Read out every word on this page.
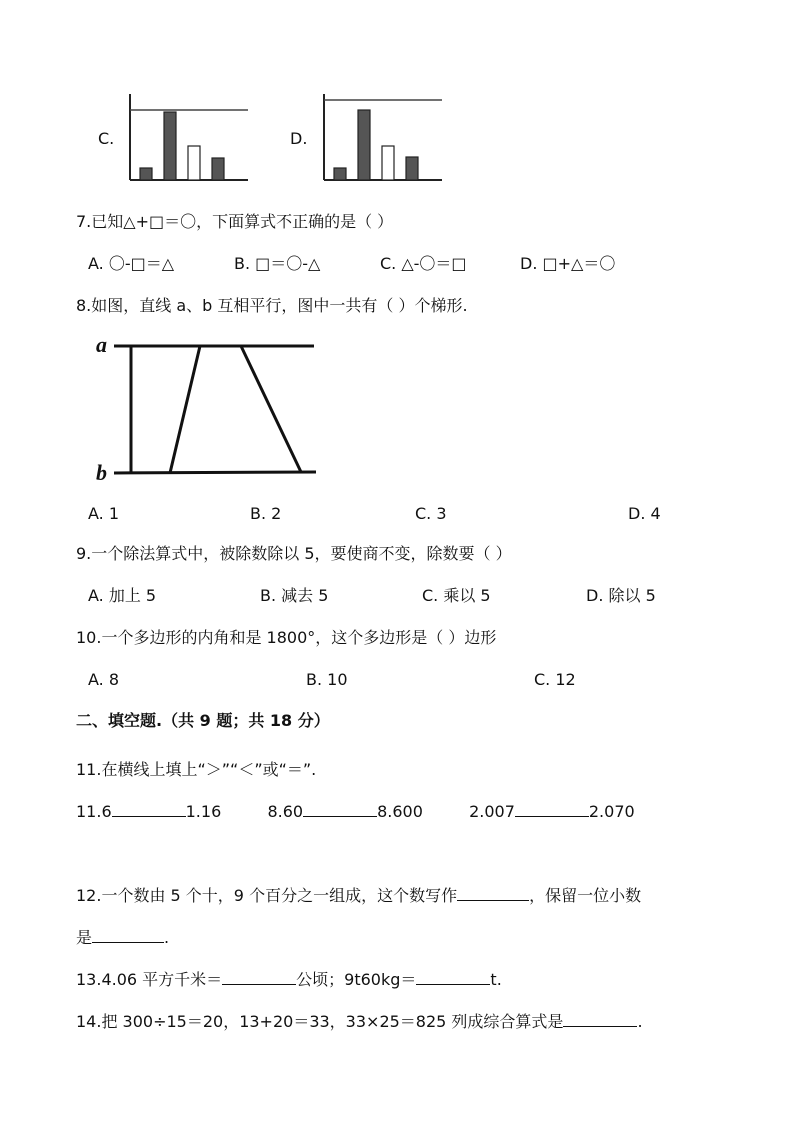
C.	D.
7.已知△+□＝〇，下面算式不正确的是（ ）
A. 〇-□＝△	B. □＝〇-△	C. △-〇＝□	D. □+△＝〇
8.如图，直线 a、b 互相平行，图中一共有（ ）个梯形.
a
b
A. 1	B. 2	C. 3	D. 4
9.一个除法算式中，被除数除以 5，要使商不变，除数要（ ）
A. 加上 5	B. 减去 5	C. 乘以 5	D. 除以 5
10.一个多边形的内角和是 1800°，这个多边形是（ ）边形
A. 8	B. 10	C. 12
二、填空题.（共 9 题；共 18 分）
11.在横线上填上“＞”“＜”或“＝”.
11.6	1.16	8.60	8.600	2.007	2.070
12.一个数由 5 个十，9 个百分之一组成，这个数写作	，保留一位小数
是	.
13.4.06 平方千米＝	公顷；9t60kg＝	t.
14.把 300÷15＝20，13+20＝33，33×25＝825 列成综合算式是	.
